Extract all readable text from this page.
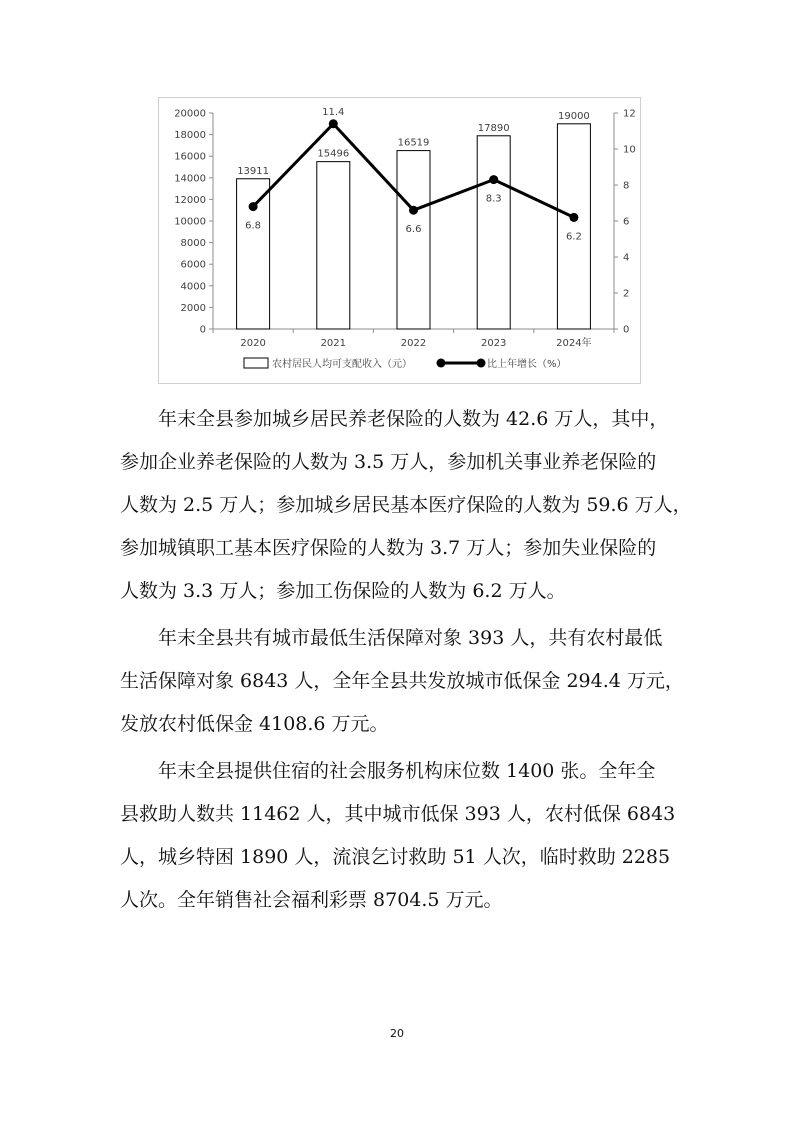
0
2000
4000
6000
8000
10000
12000
14000
16000
18000
20000
0
2
4
6
8
10
12
13911
15496
16519
17890
19000
2020	2021	2022	2023	2024年
6.8
11.4
6.6
8.3
6.2
农村居民人均可支配收入（元）	比上年增长（%）
年末全县参加城乡居民养老保险的人数为 42.6 万人，其中，
参加企业养老保险的人数为 3.5 万人，参加机关事业养老保险的
人数为 2.5 万人；参加城乡居民基本医疗保险的人数为 59.6 万人，
参加城镇职工基本医疗保险的人数为 3.7 万人；参加失业保险的
人数为 3.3 万人；参加工伤保险的人数为 6.2 万人。
年末全县共有城市最低生活保障对象 393 人，共有农村最低
生活保障对象 6843 人，全年全县共发放城市低保金 294.4 万元，
发放农村低保金 4108.6 万元。
年末全县提供住宿的社会服务机构床位数 1400 张。全年全
县救助人数共 11462 人，其中城市低保 393 人，农村低保 6843
人，城乡特困 1890 人，流浪乞讨救助 51 人次，临时救助 2285
人次。全年销售社会福利彩票 8704.5 万元。
20
